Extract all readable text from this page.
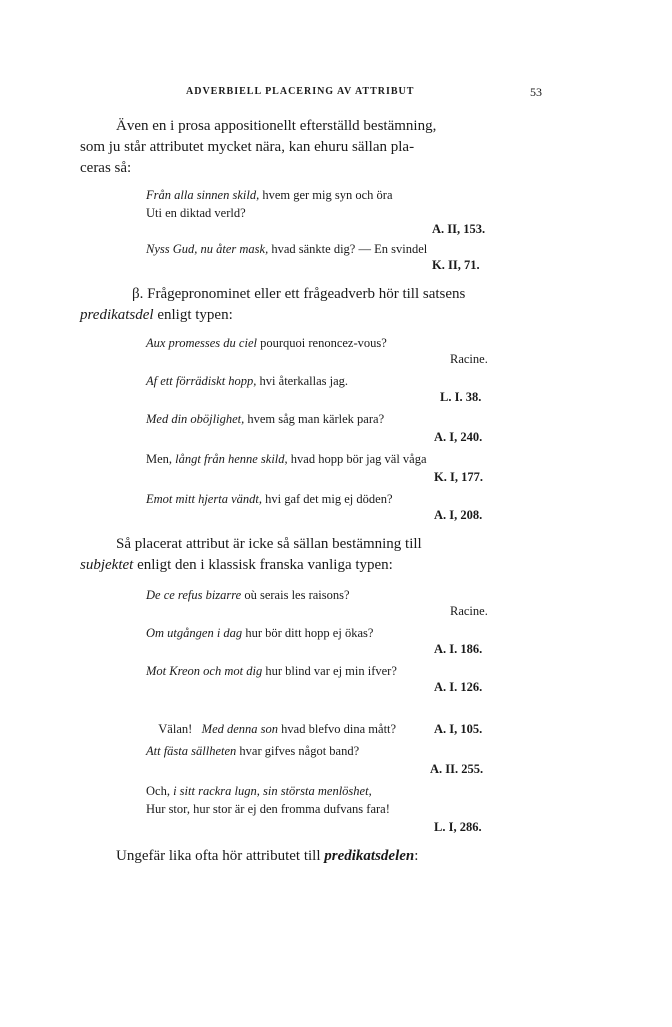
ADVERBIELL PLACERING AV ATTRIBUT	53
Även en i prosa appositionellt efterställd bestämning,
som ju står attributet mycket nära, kan ehuru sällan pla-
ceras så:
Från alla sinnen skild, hvem ger mig syn och öra
Uti en diktad verld?
A. II, 153.
Nyss Gud, nu åter mask, hvad sänkte dig? — En svindel
K. II, 71.
β. Frågepronominet eller ett frågeadverb hör till satsens
predikatsdel enligt typen:
Aux promesses du ciel pourquoi renoncez-vous?
Racine.
Af ett förrädiskt hopp, hvi återkallas jag.
L. I. 38.
Med din oböjlighet, hvem såg man kärlek para?
A. I, 240.
Men, långt från henne skild, hvad hopp bör jag väl våga
K. I, 177.
Emot mitt hjerta vändt, hvi gaf det mig ej döden?
A. I, 208.
Så placerat attribut är icke så sällan bestämning till
subjektet enligt den i klassisk franska vanliga typen:
De ce refus bizarre où serais les raisons?
Racine.
Om utgången i dag hur bör ditt hopp ej ökas?
A. I. 186.
Mot Kreon och mot dig hur blind var ej min ifver?
A. I. 126.

Välan!   Med denna son hvad blefvo dina mått?
	A. I, 105.
Att fästa sällheten hvar gifves något band?
A. II. 255.
Och, i sitt rackra lugn, sin största menlöshet,
Hur stor, hur stor är ej den fromma dufvans fara!
L. I, 286.
Ungefär lika ofta hör attributet till predikatsdelen:
